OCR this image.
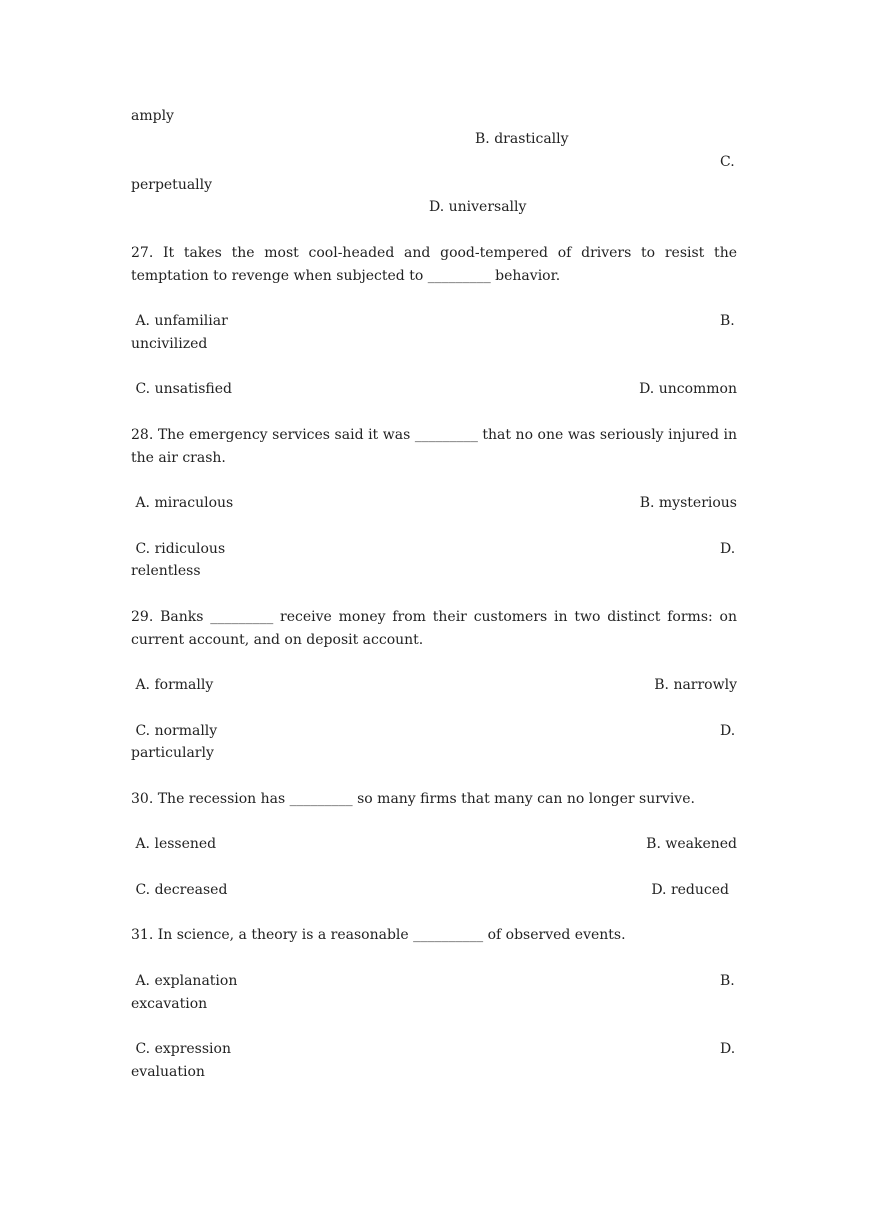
amply
B. drastically
C.
perpetually
D. universally
27. It takes the most cool-headed and good-tempered of drivers to resist the temptation to revenge when subjected to _________ behavior.
A. unfamiliar	B.
uncivilized
C. unsatisfied	D. uncommon
28. The emergency services said it was _________ that no one was seriously injured in the air crash.
A. miraculous	B. mysterious
C. ridiculous	D.
relentless
29. Banks _________ receive money from their customers in two distinct forms: on current account, and on deposit account.
A. formally	B. narrowly
C. normally	D.
particularly
30. The recession has _________ so many firms that many can no longer survive.
A. lessened	B. weakened
C. decreased	D. reduced
31. In science, a theory is a reasonable __________ of observed events.
A. explanation	B.
excavation
C. expression	D.
evaluation
